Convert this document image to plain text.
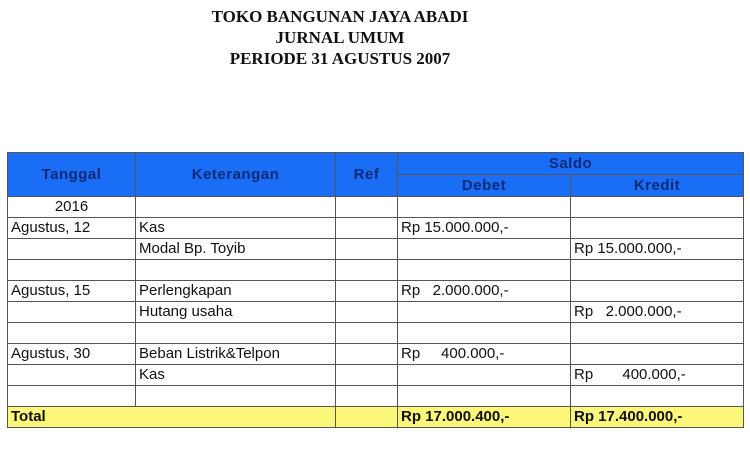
TOKO BANGUNAN JAYA ABADI
JURNAL UMUM
PERIODE 31 AGUSTUS 2007
Tanggal	Keterangan	Ref	Saldo	
			Debet	Kredit
2016				
Agustus, 12	Kas		Rp 15.000.000,-	
	Modal Bp. Toyib			Rp 15.000.000,-

Agustus, 15	Perlengkapan		Rp   2.000.000,-	
	Hutang usaha			Rp   2.000.000,-

Agustus, 30	Beban Listrik&Telpon		Rp     400.000,-	
	Kas			Rp       400.000,-

Total			Rp 17.000.400,-	Rp 17.400.000,-
